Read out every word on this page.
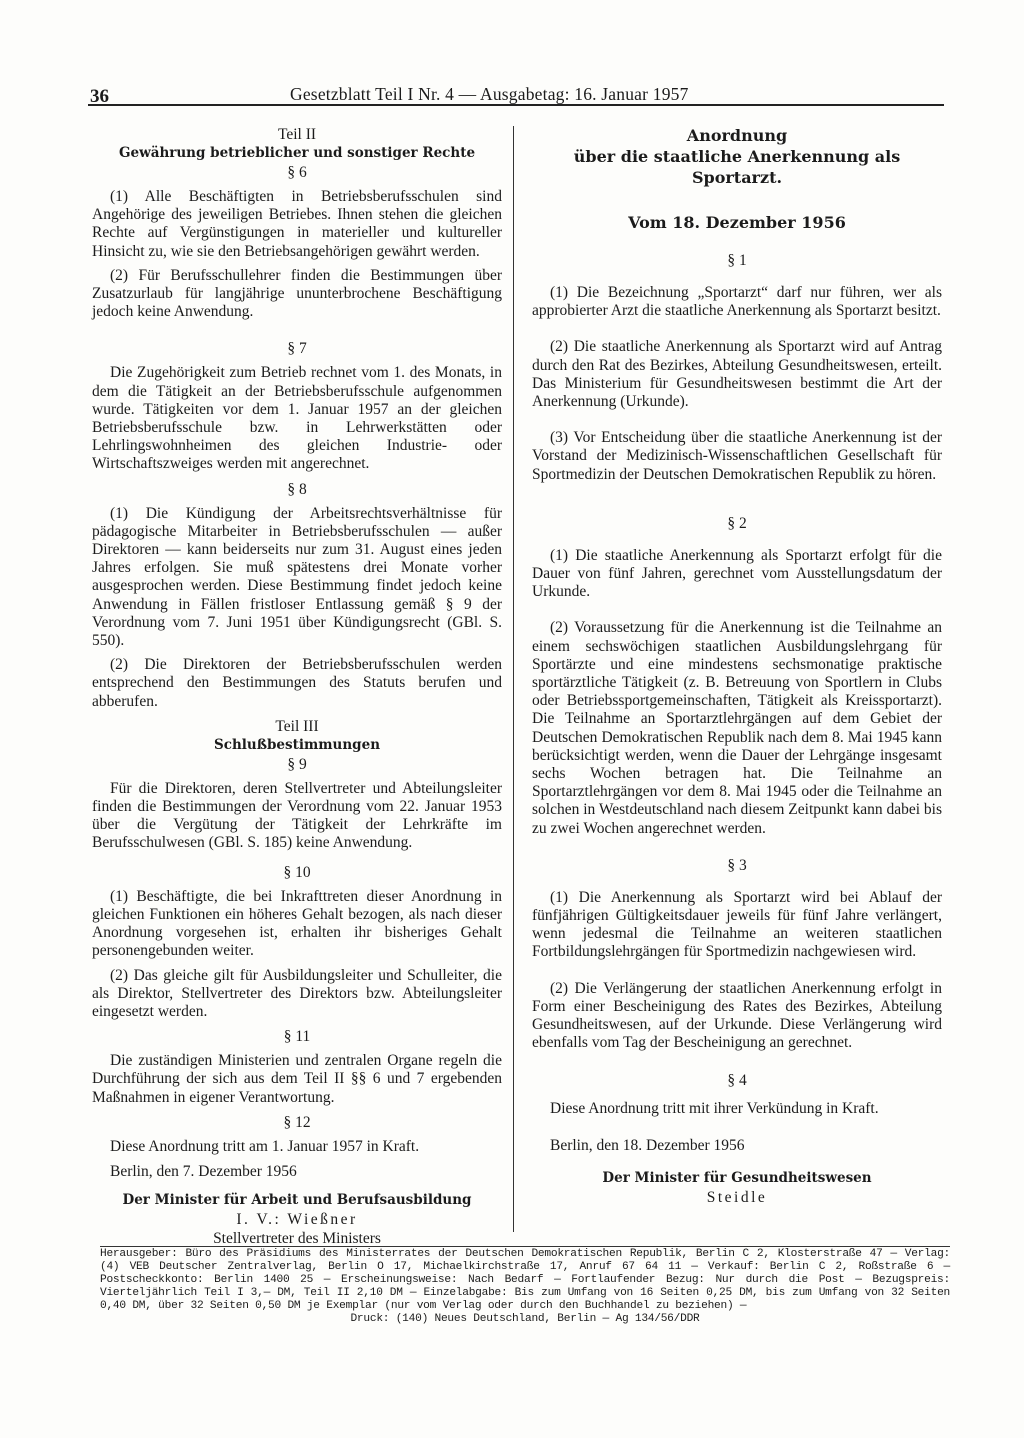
36	Gesetzblatt Teil I Nr. 4 — Ausgabetag: 16. Januar 1957
Teil II
Gewährung betrieblicher und sonstiger Rechte
§ 6

(1) Alle Beschäftigten in Betriebsberufsschulen sind Angehörige des jeweiligen Betriebes. Ihnen stehen die gleichen Rechte auf Vergünstigungen in materieller und kultureller Hinsicht zu, wie sie den Betriebsangehörigen gewährt werden.

(2) Für Berufsschullehrer finden die Bestimmungen über Zusatzurlaub für langjährige ununterbrochene Beschäftigung jedoch keine Anwendung.

§ 7

Die Zugehörigkeit zum Betrieb rechnet vom 1. des Monats, in dem die Tätigkeit an der Betriebsberufsschule aufgenommen wurde. Tätigkeiten vor dem 1. Januar 1957 an der gleichen Betriebsberufsschule bzw. in Lehrwerkstätten oder Lehrlingswohnheimen des gleichen Industrie- oder Wirtschaftszweiges werden mit angerechnet.

§ 8

(1) Die Kündigung der Arbeitsrechtsverhältnisse für pädagogische Mitarbeiter in Betriebsberufsschulen — außer Direktoren — kann beiderseits nur zum 31. August eines jeden Jahres erfolgen. Sie muß spätestens drei Monate vorher ausgesprochen werden. Diese Bestimmung findet jedoch keine Anwendung in Fällen fristloser Entlassung gemäß § 9 der Verordnung vom 7. Juni 1951 über Kündigungsrecht (GBl. S. 550).

(2) Die Direktoren der Betriebsberufsschulen werden entsprechend den Bestimmungen des Statuts berufen und abberufen.

Teil III
Schlußbestimmungen
§ 9

Für die Direktoren, deren Stellvertreter und Abteilungsleiter finden die Bestimmungen der Verordnung vom 22. Januar 1953 über die Vergütung der Tätigkeit der Lehrkräfte im Berufsschulwesen (GBl. S. 185) keine Anwendung.

§ 10

(1) Beschäftigte, die bei Inkrafttreten dieser Anordnung in gleichen Funktionen ein höheres Gehalt bezogen, als nach dieser Anordnung vorgesehen ist, erhalten ihr bisheriges Gehalt personengebunden weiter.

(2) Das gleiche gilt für Ausbildungsleiter und Schulleiter, die als Direktor, Stellvertreter des Direktors bzw. Abteilungsleiter eingesetzt werden.

§ 11

Die zuständigen Ministerien und zentralen Organe regeln die Durchführung der sich aus dem Teil II §§ 6 und 7 ergebenden Maßnahmen in eigener Verantwortung.

§ 12

Diese Anordnung tritt am 1. Januar 1957 in Kraft.

Berlin, den 7. Dezember 1956
Der Minister für Arbeit und Berufsausbildung
I. V.: Wießner
Stellvertreter des Ministers
Anordnung
über die staatliche Anerkennung als Sportarzt.
Vom 18. Dezember 1956
§ 1

(1) Die Bezeichnung „Sportarzt“ darf nur führen, wer als approbierter Arzt die staatliche Anerkennung als Sportarzt besitzt.

(2) Die staatliche Anerkennung als Sportarzt wird auf Antrag durch den Rat des Bezirkes, Abteilung Gesundheitswesen, erteilt. Das Ministerium für Gesundheitswesen bestimmt die Art der Anerkennung (Urkunde).

(3) Vor Entscheidung über die staatliche Anerkennung ist der Vorstand der Medizinisch-Wissenschaftlichen Gesellschaft für Sportmedizin der Deutschen Demokratischen Republik zu hören.

§ 2

(1) Die staatliche Anerkennung als Sportarzt erfolgt für die Dauer von fünf Jahren, gerechnet vom Ausstellungsdatum der Urkunde.

(2) Voraussetzung für die Anerkennung ist die Teilnahme an einem sechswöchigen staatlichen Ausbildungslehrgang für Sportärzte und eine mindestens sechsmonatige praktische sportärztliche Tätigkeit (z. B. Betreuung von Sportlern in Clubs oder Betriebssportgemeinschaften, Tätigkeit als Kreissportarzt). Die Teilnahme an Sportarztlehrgängen auf dem Gebiet der Deutschen Demokratischen Republik nach dem 8. Mai 1945 kann berücksichtigt werden, wenn die Dauer der Lehrgänge insgesamt sechs Wochen betragen hat. Die Teilnahme an Sportarztlehrgängen vor dem 8. Mai 1945 oder die Teilnahme an solchen in Westdeutschland nach diesem Zeitpunkt kann dabei bis zu zwei Wochen angerechnet werden.

§ 3

(1) Die Anerkennung als Sportarzt wird bei Ablauf der fünfjährigen Gültigkeitsdauer jeweils für fünf Jahre verlängert, wenn jedesmal die Teilnahme an weiteren staatlichen Fortbildungslehrgängen für Sportmedizin nachgewiesen wird.

(2) Die Verlängerung der staatlichen Anerkennung erfolgt in Form einer Bescheinigung des Rates des Bezirkes, Abteilung Gesundheitswesen, auf der Urkunde. Diese Verlängerung wird ebenfalls vom Tag der Bescheinigung an gerechnet.

§ 4

Diese Anordnung tritt mit ihrer Verkündung in Kraft.

Berlin, den 18. Dezember 1956
Der Minister für Gesundheitswesen
Steidle
Herausgeber: Büro des Präsidiums des Ministerrates der Deutschen Demokratischen Republik, Berlin C 2, Klosterstraße 47 — Verlag: (4) VEB Deutscher Zentralverlag, Berlin O 17, Michaelkirchstraße 17, Anruf 67 64 11 — Verkauf: Berlin C 2, Roßstraße 6 — Postscheckkonto: Berlin 1400 25 — Erscheinungsweise: Nach Bedarf — Fortlaufender Bezug: Nur durch die Post — Bezugspreis: Vierteljährlich Teil I 3,— DM, Teil II 2,10 DM — Einzelabgabe: Bis zum Umfang von 16 Seiten 0,25 DM, bis zum Umfang von 32 Seiten 0,40 DM, über 32 Seiten 0,50 DM je Exemplar (nur vom Verlag oder durch den Buchhandel zu beziehen) —
Druck: (140) Neues Deutschland, Berlin — Ag 134/56/DDR
